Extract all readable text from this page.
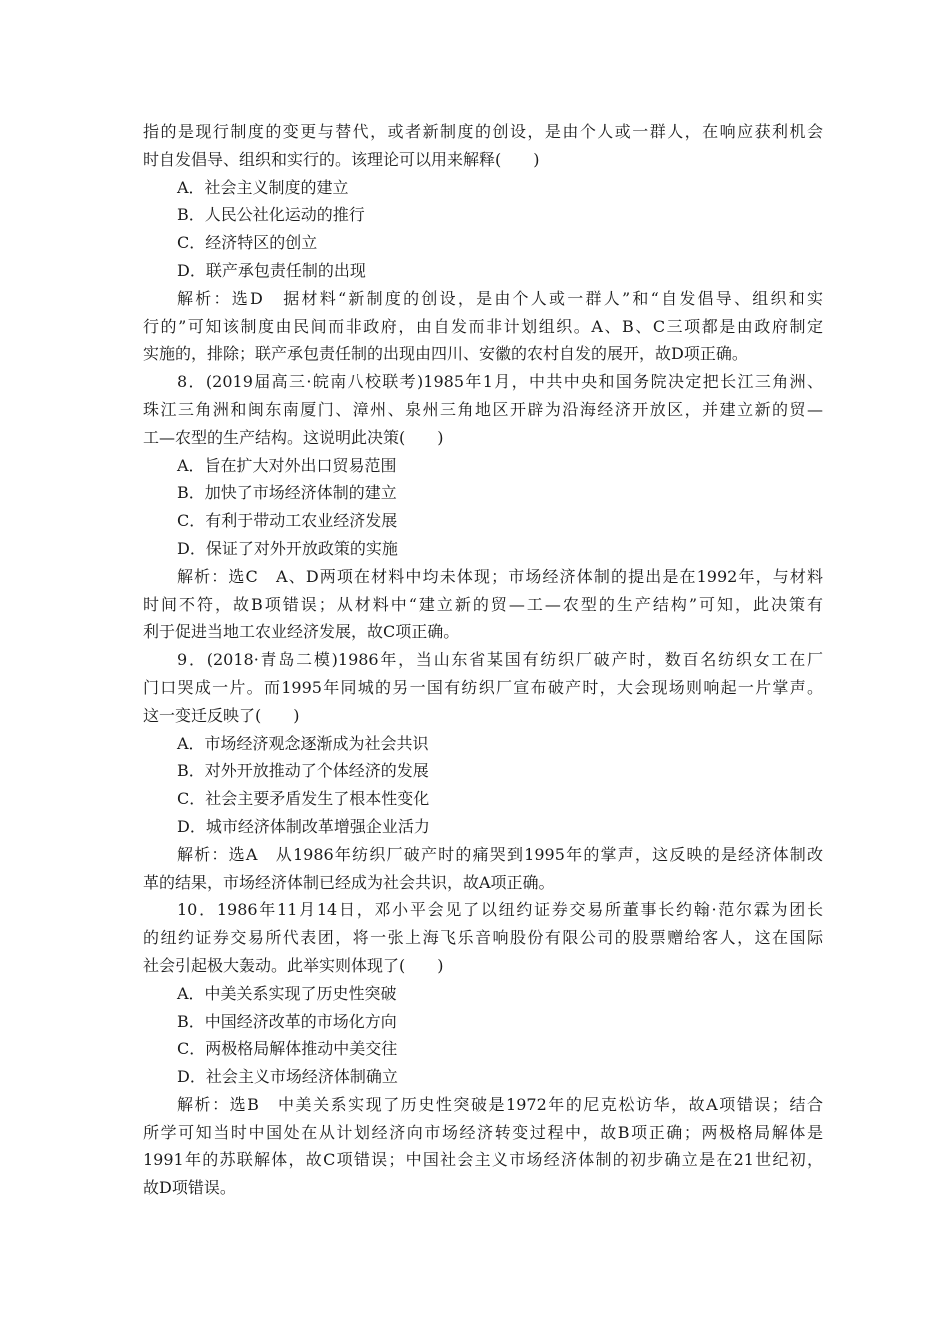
指的是现行制度的变更与替代，或者新制度的创设，是由个人或一群人，在响应获利机会
时自发倡导、组织和实行的。该理论可以用来解释(　　)
A．社会主义制度的建立
B．人民公社化运动的推行
C．经济特区的创立
D．联产承包责任制的出现
解析：选D　据材料“新制度的创设，是由个人或一群人”和“自发倡导、组织和实
行的”可知该制度由民间而非政府，由自发而非计划组织。A、B、C三项都是由政府制定
实施的，排除；联产承包责任制的出现由四川、安徽的农村自发的展开，故D项正确。
8．(2019届高三·皖南八校联考)1985年1月，中共中央和国务院决定把长江三角洲、
珠江三角洲和闽东南厦门、漳州、泉州三角地区开辟为沿海经济开放区，并建立新的贸—
工—农型的生产结构。这说明此决策(　　)
A．旨在扩大对外出口贸易范围
B．加快了市场经济体制的建立
C．有利于带动工农业经济发展
D．保证了对外开放政策的实施
解析：选C　A、D两项在材料中均未体现；市场经济体制的提出是在1992年，与材料
时间不符，故B项错误；从材料中“建立新的贸—工—农型的生产结构”可知，此决策有
利于促进当地工农业经济发展，故C项正确。
9．(2018·青岛二模)1986年，当山东省某国有纺织厂破产时，数百名纺织女工在厂
门口哭成一片。而1995年同城的另一国有纺织厂宣布破产时，大会现场则响起一片掌声。
这一变迁反映了(　　)
A．市场经济观念逐渐成为社会共识
B．对外开放推动了个体经济的发展
C．社会主要矛盾发生了根本性变化
D．城市经济体制改革增强企业活力
解析：选A　从1986年纺织厂破产时的痛哭到1995年的掌声，这反映的是经济体制改
革的结果，市场经济体制已经成为社会共识，故A项正确。
10．1986年11月14日，邓小平会见了以纽约证券交易所董事长约翰·范尔霖为团长
的纽约证券交易所代表团，将一张上海飞乐音响股份有限公司的股票赠给客人，这在国际
社会引起极大轰动。此举实则体现了(　　)
A．中美关系实现了历史性突破
B．中国经济改革的市场化方向
C．两极格局解体推动中美交往
D．社会主义市场经济体制确立
解析：选B　中美关系实现了历史性突破是1972年的尼克松访华，故A项错误；结合
所学可知当时中国处在从计划经济向市场经济转变过程中，故B项正确；两极格局解体是
1991年的苏联解体，故C项错误；中国社会主义市场经济体制的初步确立是在21世纪初，
故D项错误。
